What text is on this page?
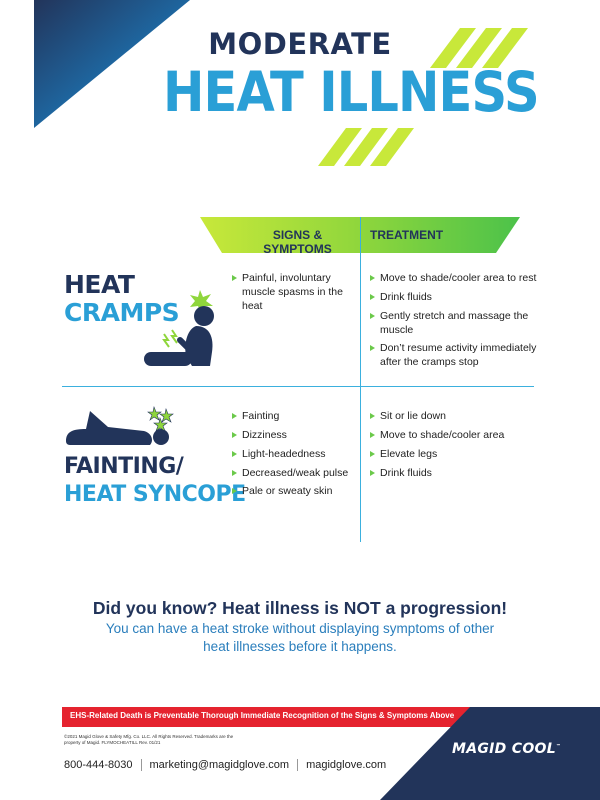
MODERATE
HEAT ILLNESS
SIGNS & SYMPTOMS
TREATMENT
HEAT
CRAMPS
Painful, involuntary muscle spasms in the heat
Move to shade/cooler area to rest
Drink fluids
Gently stretch and massage the muscle
Don’t resume activity immediately after the cramps stop
FAINTING/
HEAT SYNCOPE
Fainting
Dizziness
Light-headedness
Decreased/weak pulse
Pale or sweaty skin
Sit or lie down
Move to shade/cooler area
Elevate legs
Drink fluids
Did you know? Heat illness is NOT a progression!
You can have a heat stroke without displaying symptoms of other heat illnesses before it happens.
EHS-Related Death is Preventable Thorough Immediate Recognition of the Signs & Symptoms Above
MAGID COOL™
©2021 Magid Glove & Safety Mfg. Co. LLC. All Rights Reserved. Trademarks are the property of Magid. FLYMOCHEATILL Rev. 01/21
800-444-8030 marketing@magidglove.com magidglove.com
